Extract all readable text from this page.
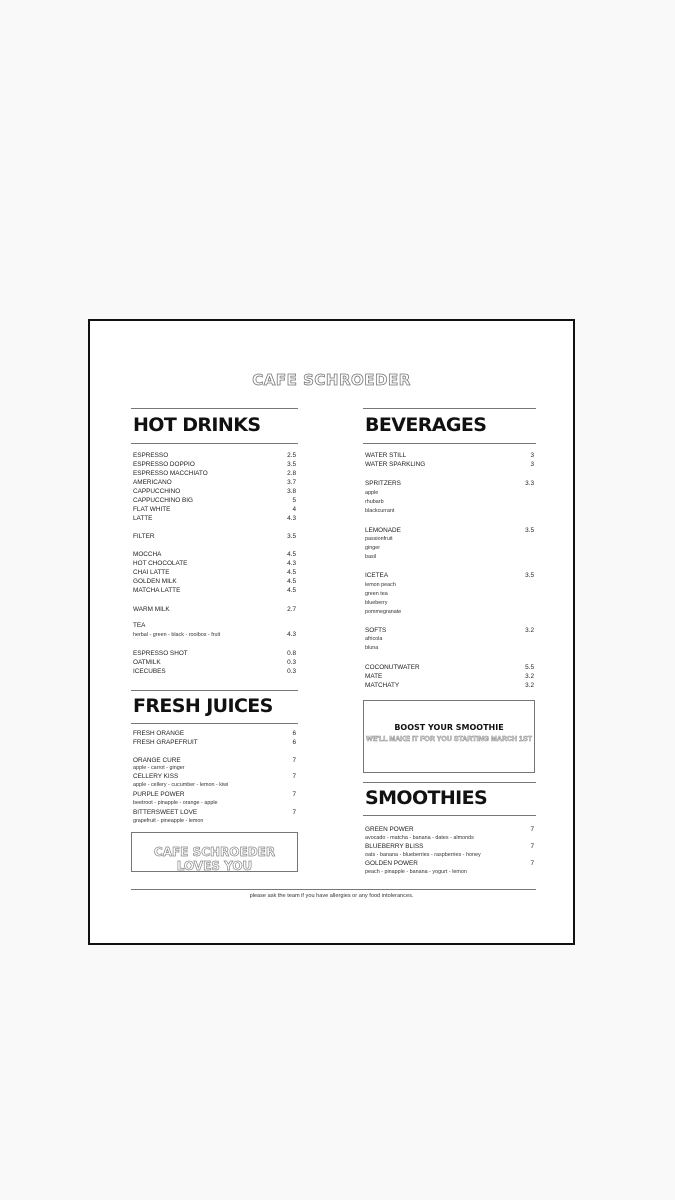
CAFE SCHROEDER
HOT DRINKS
ESPRESSO	2.5
ESPRESSO DOPPIO	3.5
ESPRESSO MACCHIATO	2.8
AMERICANO	3.7
CAPPUCCHINO	3.8
CAPPUCCHINO BIG	5
FLAT WHITE	4
LATTE	4.3
FILTER	3.5
MOCCHA	4.5
HOT CHOCOLATE	4.3
CHAI LATTE	4.5
GOLDEN MILK	4.5
MATCHA LATTE	4.5
WARM MILK	2.7
TEA
herbal - green - black - rooibos - fruit	4.3
ESPRESSO SHOT	0.8
OATMILK	0.3
ICECUBES	0.3
FRESH JUICES
FRESH ORANGE	6
FRESH GRAPEFRUIT	6
ORANGE CURE	7
apple - carrot - ginger
CELLERY KISS	7
apple - cellery - cucumber - lemon - kiwi
PURPLE POWER	7
beetroot - pinapple - orange - apple
BITTERSWEET LOVE	7
grapefruit - pineapple - lemon
CAFE SCHROEDER LOVES YOU
BEVERAGES
WATER STILL	3
WATER SPARKLING	3
SPRITZERS	3.3
apple
rhubarb
blackcurrant
LEMONADE	3.5
passionfruit
ginger
basil
ICETEA	3.5
lemon peach
green tea
blueberry
pommegranate
SOFTS	3.2
africola
bluna
COCONUTWATER	5.5
MATE	3.2
MATCHATY	3.2
BOOST YOUR SMOOTHIE
WE'LL MAKE IT FOR YOU STARTING MARCH 1ST
SMOOTHIES
GREEN POWER	7
avocado - matcha - banana - dates - almonds
BLUEBERRY BLISS	7
oats - banana - blueberries - raspberries - honey
GOLDEN POWER	7
peach - pinapple - banana - yogurt - lemon
please ask the team if you have allergies or any food intolerances.
